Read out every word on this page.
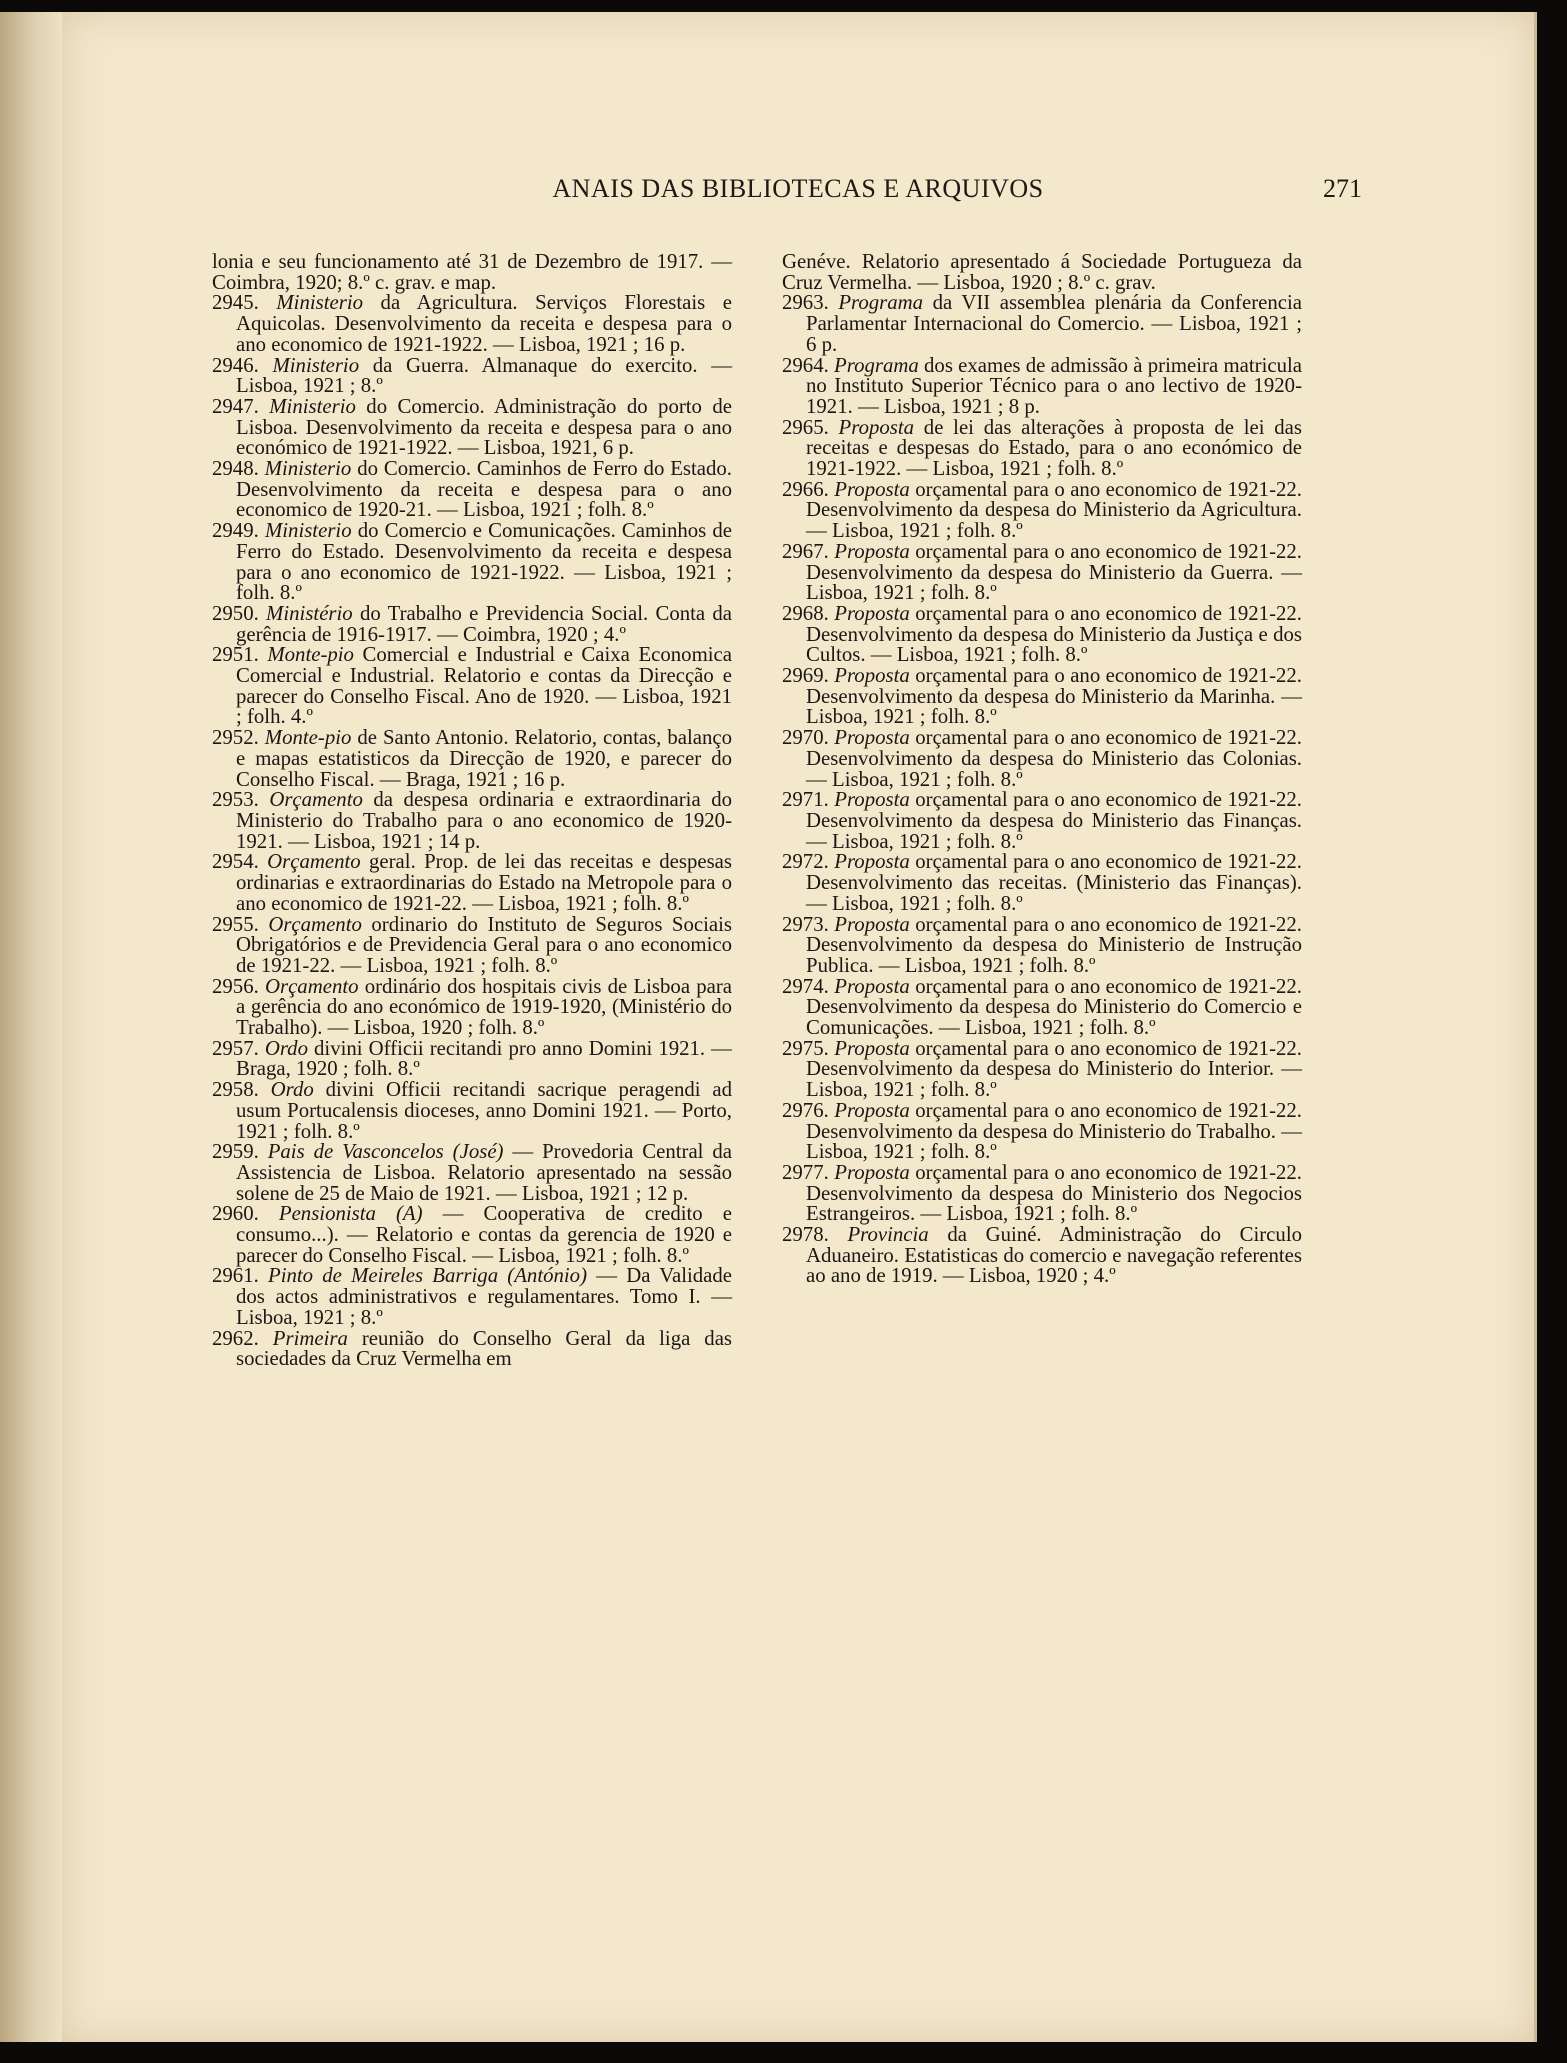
ANAIS DAS BIBLIOTECAS E ARQUIVOS	271

lonia e seu funcionamento até 31 de Dezembro de 1917. — Coimbra, 1920; 8.º c. grav. e map.

2945. Ministerio da Agricultura. Serviços Florestais e Aquicolas. Desenvolvimento da receita e despesa para o ano economico de 1921-1922. — Lisboa, 1921 ; 16 p.

2946. Ministerio da Guerra. Almanaque do exercito. — Lisboa, 1921 ; 8.º

2947. Ministerio do Comercio. Administração do porto de Lisboa. Desenvolvimento da receita e despesa para o ano económico de 1921-1922. — Lisboa, 1921, 6 p.

2948. Ministerio do Comercio. Caminhos de Ferro do Estado. Desenvolvimento da receita e despesa para o ano economico de 1920-21. — Lisboa, 1921 ; folh. 8.º

2949. Ministerio do Comercio e Comunicações. Caminhos de Ferro do Estado. Desenvolvimento da receita e despesa para o ano economico de 1921-1922. — Lisboa, 1921 ; folh. 8.º

2950. Ministério do Trabalho e Previdencia Social. Conta da gerência de 1916-1917. — Coimbra, 1920 ; 4.º

2951. Monte-pio Comercial e Industrial e Caixa Economica Comercial e Industrial. Relatorio e contas da Direcção e parecer do Conselho Fiscal. Ano de 1920. — Lisboa, 1921 ; folh. 4.º

2952. Monte-pio de Santo Antonio. Relatorio, contas, balanço e mapas estatisticos da Direcção de 1920, e parecer do Conselho Fiscal. — Braga, 1921 ; 16 p.

2953. Orçamento da despesa ordinaria e extraordinaria do Ministerio do Trabalho para o ano economico de 1920-1921. — Lisboa, 1921 ; 14 p.

2954. Orçamento geral. Prop. de lei das receitas e despesas ordinarias e extraordinarias do Estado na Metropole para o ano economico de 1921-22. — Lisboa, 1921 ; folh. 8.º

2955. Orçamento ordinario do Instituto de Seguros Sociais Obrigatórios e de Previdencia Geral para o ano economico de 1921-22. — Lisboa, 1921 ; folh. 8.º

2956. Orçamento ordinário dos hospitais civis de Lisboa para a gerência do ano económico de 1919-1920, (Ministério do Trabalho). — Lisboa, 1920 ; folh. 8.º

2957. Ordo divini Officii recitandi pro anno Domini 1921. — Braga, 1920 ; folh. 8.º

2958. Ordo divini Officii recitandi sacrique peragendi ad usum Portucalensis dioceses, anno Domini 1921. — Porto, 1921 ; folh. 8.º

2959. Pais de Vasconcelos (José) — Provedoria Central da Assistencia de Lisboa. Relatorio apresentado na sessão solene de 25 de Maio de 1921. — Lisboa, 1921 ; 12 p.

2960. Pensionista (A) — Cooperativa de credito e consumo...). — Relatorio e contas da gerencia de 1920 e parecer do Conselho Fiscal. — Lisboa, 1921 ; folh. 8.º

2961. Pinto de Meireles Barriga (António) — Da Validade dos actos administrativos e regulamentares. Tomo I. — Lisboa, 1921 ; 8.º

2962. Primeira reunião do Conselho Geral da liga das sociedades da Cruz Vermelha em

Genéve. Relatorio apresentado á Sociedade Portugueza da Cruz Vermelha. — Lisboa, 1920 ; 8.º c. grav.

2963. Programa da VII assemblea plenária da Conferencia Parlamentar Internacional do Comercio. — Lisboa, 1921 ; 6 p.

2964. Programa dos exames de admissão à primeira matricula no Instituto Superior Técnico para o ano lectivo de 1920-1921. — Lisboa, 1921 ; 8 p.

2965. Proposta de lei das alterações à proposta de lei das receitas e despesas do Estado, para o ano económico de 1921-1922. — Lisboa, 1921 ; folh. 8.º

2966. Proposta orçamental para o ano economico de 1921-22. Desenvolvimento da despesa do Ministerio da Agricultura. — Lisboa, 1921 ; folh. 8.º

2967. Proposta orçamental para o ano economico de 1921-22. Desenvolvimento da despesa do Ministerio da Guerra. — Lisboa, 1921 ; folh. 8.º

2968. Proposta orçamental para o ano economico de 1921-22. Desenvolvimento da despesa do Ministerio da Justiça e dos Cultos. — Lisboa, 1921 ; folh. 8.º

2969. Proposta orçamental para o ano economico de 1921-22. Desenvolvimento da despesa do Ministerio da Marinha. — Lisboa, 1921 ; folh. 8.º

2970. Proposta orçamental para o ano economico de 1921-22. Desenvolvimento da despesa do Ministerio das Colonias. — Lisboa, 1921 ; folh. 8.º

2971. Proposta orçamental para o ano economico de 1921-22. Desenvolvimento da despesa do Ministerio das Finanças. — Lisboa, 1921 ; folh. 8.º

2972. Proposta orçamental para o ano economico de 1921-22. Desenvolvimento das receitas. (Ministerio das Finanças). — Lisboa, 1921 ; folh. 8.º

2973. Proposta orçamental para o ano economico de 1921-22. Desenvolvimento da despesa do Ministerio de Instrução Publica. — Lisboa, 1921 ; folh. 8.º

2974. Proposta orçamental para o ano economico de 1921-22. Desenvolvimento da despesa do Ministerio do Comercio e Comunicações. — Lisboa, 1921 ; folh. 8.º

2975. Proposta orçamental para o ano economico de 1921-22. Desenvolvimento da despesa do Ministerio do Interior. — Lisboa, 1921 ; folh. 8.º

2976. Proposta orçamental para o ano economico de 1921-22. Desenvolvimento da despesa do Ministerio do Trabalho. — Lisboa, 1921 ; folh. 8.º

2977. Proposta orçamental para o ano economico de 1921-22. Desenvolvimento da despesa do Ministerio dos Negocios Estrangeiros. — Lisboa, 1921 ; folh. 8.º

2978. Provincia da Guiné. Administração do Circulo Aduaneiro. Estatisticas do comercio e navegação referentes ao ano de 1919. — Lisboa, 1920 ; 4.º
